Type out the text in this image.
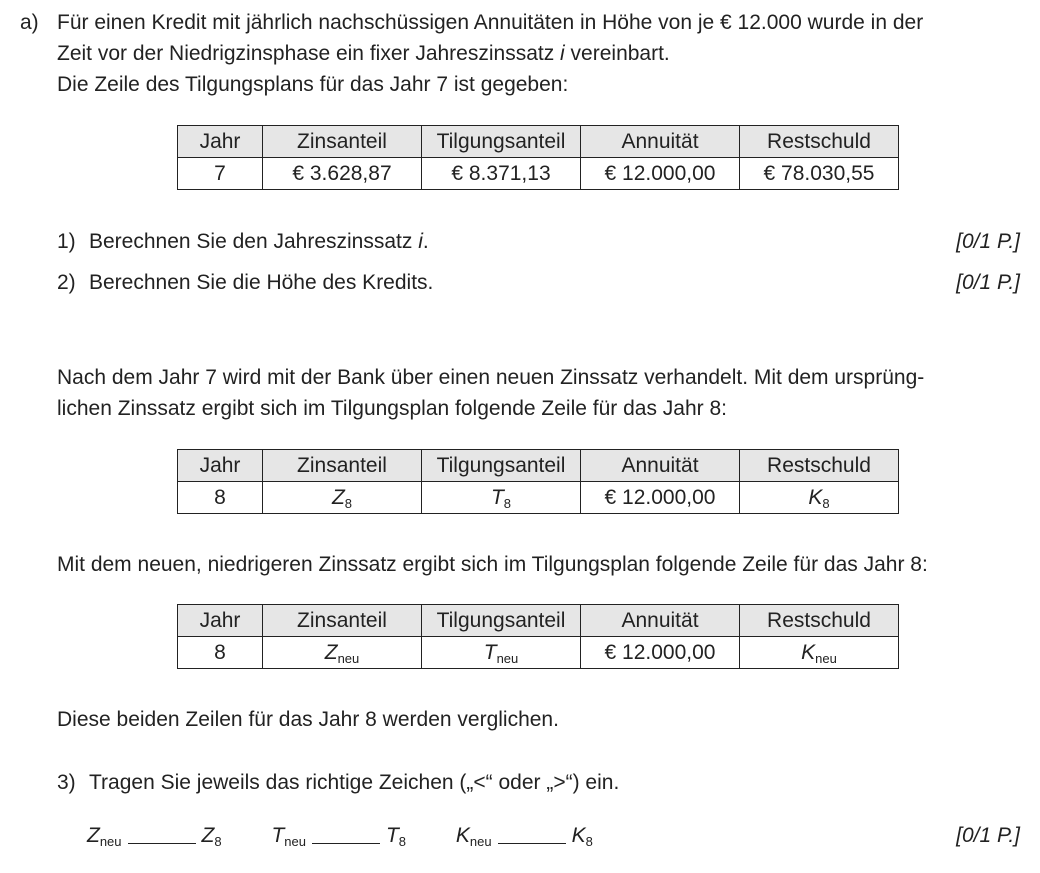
a) Für einen Kredit mit jährlich nachschüssigen Annuitäten in Höhe von je € 12.000 wurde in der
Zeit vor der Niedrigzinsphase ein fixer Jahreszinssatz i vereinbart.
Die Zeile des Tilgungsplans für das Jahr 7 ist gegeben:
Jahr	Zinsanteil	Tilgungsanteil	Annuität	Restschuld
7	€ 3.628,87	€ 8.371,13	€ 12.000,00	€ 78.030,55
1) Berechnen Sie den Jahreszinssatz i.	[0/1 P.]
2) Berechnen Sie die Höhe des Kredits.	[0/1 P.]
Nach dem Jahr 7 wird mit der Bank über einen neuen Zinssatz verhandelt. Mit dem ursprüng-
lichen Zinssatz ergibt sich im Tilgungsplan folgende Zeile für das Jahr 8:
Jahr	Zinsanteil	Tilgungsanteil	Annuität	Restschuld
8	$Z_8$	$T_8$	€ 12.000,00	$K_8$
Mit dem neuen, niedrigeren Zinssatz ergibt sich im Tilgungsplan folgende Zeile für das Jahr 8:
Jahr	Zinsanteil	Tilgungsanteil	Annuität	Restschuld
8	$Z_{neu}$	$T_{neu}$	€ 12.000,00	$K_{neu}$
Diese beiden Zeilen für das Jahr 8 werden verglichen.
3) Tragen Sie jeweils das richtige Zeichen („<“ oder „>“) ein.
$Z_{neu}$	$Z_8$ $T_{neu}$	$T_8$ $K_{neu}$	$K_8$	[0/1 P.]
